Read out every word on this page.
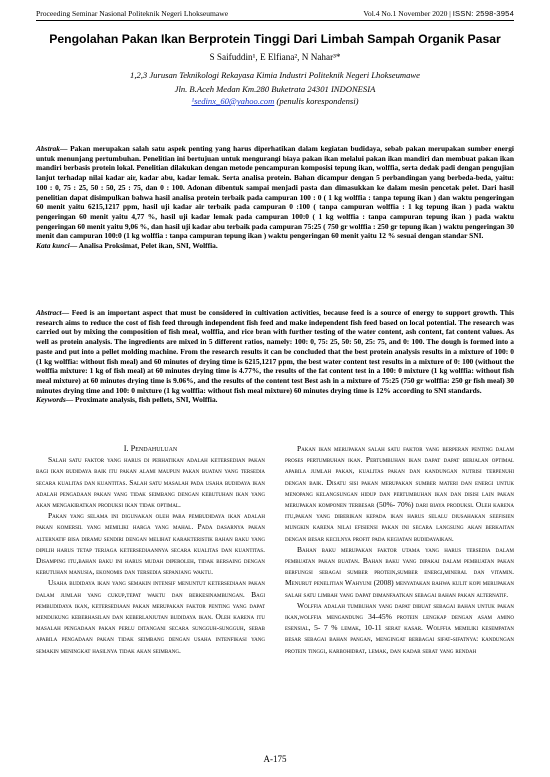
Proceeding Seminar Nasional Politeknik Negeri Lhokseumawe	Vol.4 No.1 November 2020 | ISSN: 2598-3954
Pengolahan Pakan Ikan Berprotein Tinggi Dari Limbah Sampah Organik Pasar
S Saifuddin¹, E Elfiana², N Nahar³*
1,2,3 Jurusan Teknikologi Rekayasa Kimia Industri Politeknik Negeri Lhokseumawe
Jln. B.Aceh Medan Km.280 Buketrata 24301 INDONESIA
¹sedinx_60@yahoo.com (penulis korespondensi)
Abstrak— Pakan merupakan salah satu aspek penting yang harus diperhatikan dalam kegiatan budidaya, sebab pakan merupakan sumber energi untuk menunjang pertumbuhan. Penelitian ini bertujuan untuk mengurangi biaya pakan ikan melalui pakan ikan mandiri dan membuat pakan ikan mandiri berbasis protein lokal. Penelitian dilakukan dengan metode pencampuran komposisi tepung ikan, wolffia, serta dedak padi dengan pengujian lanjut terhadap nilai kadar air, kadar abu, kadar lemak. Serta analisa protein. Bahan dicampur dengan 5 perbandingan yang berbeda-beda, yaitu: 100 : 0, 75 : 25, 50 : 50, 25 : 75, dan 0 : 100. Adonan dibentuk sampai menjadi pasta dan dimasukkan ke dalam mesin pencetak pelet. Dari hasil penelitian dapat disimpulkan bahwa hasil analisa protein terbaik pada campuran 100 : 0 ( 1 kg wolffia : tanpa tepung ikan ) dan waktu pengeringan 60 menit yaitu 6215,1217 ppm, hasil uji kadar air terbaik pada campuran 0 :100 ( tanpa campuran wolffia : 1 kg tepung ikan ) pada waktu pengeringan 60 menit yaitu 4,77 %, hasil uji kadar lemak pada campuran 100:0 ( 1 kg wolffia : tanpa campuran tepung ikan ) pada waktu pengeringan 60 menit yaitu 9,06 %, dan hasil uji kadar abu terbaik pada campuran 75:25 ( 750 gr wolffia : 250 gr tepung ikan ) waktu pengeringan 30 menit dan campuran 100:0 (1 kg wolffia : tanpa campuran tepung ikan ) waktu pengeringan 60 menit yaitu 12 % sesuai dengan standar SNI.
Kata kunci— Analisa Proksimat, Pelet ikan, SNI, Wolffia.
Abstract— Feed is an important aspect that must be considered in cultivation activities, because feed is a source of energy to support growth. This research aims to reduce the cost of fish feed through independent fish feed and make independent fish feed based on local potential. The research was carried out by mixing the composition of fish meal, wolffia, and rice bran with further testing of the water content, ash content, fat content values. As well as protein analysis. The ingredients are mixed in 5 different ratios, namely: 100: 0, 75: 25, 50: 50, 25: 75, and 0: 100. The dough is formed into a paste and put into a pellet molding machine. From the research results it can be concluded that the best protein analysis results in a mixture of 100: 0 (1 kg wolffia: without fish meal) and 60 minutes of drying time is 6215,1217 ppm, the best water content test results in a mixture of 0: 100 (without the wolffia mixture: 1 kg of fish meal) at 60 minutes drying time is 4.77%, the results of the fat content test in a 100: 0 mixture (1 kg wolffia: without fish meal mixture) at 60 minutes drying time is 9.06%, and the results of the content test Best ash in a mixture of 75:25 (750 gr wolffia: 250 gr fish meal) 30 minutes drying time and 100: 0 mixture (1 kg wolffia: without fish meal mixture) 60 minutes drying time is 12% according to SNI standards.
Keywords— Proximate analysis, fish pellets, SNI, Wolffia.

I. Pendahuluan

Salah satu faktor yang harus di perhatikan adalah ketersedian pakan bagi ikan budidaya baik itu pakan alami maupun pakan buatan yang tersedia secara kualitas dan kuantitas. Salah satu masalah pada usaha budidaya ikan adalah pengadaan pakan yang tidak seimbang dengan kebutuhan ikan yang akan mengakibatkan produksi ikan tidak optimal.

Pakan yang selama ini digunakan oleh para pembudidaya ikan adalah pakan komersil yang memiliki harga yang mahal. Pada dasarnya pakan alternatif bisa diramu sendiri dengan melihat karakteristik bahan baku yang dipilih harus tetap terjaga ketersediaannya secara kualitas dan kuantitas. Disamping itu,bahan baku ini harus mudah diperoleh, tidak bersaing dengan kebutuhan manusia, ekonomis dan tersedia sepanjang waktu.

Usaha budidaya ikan yang semakin intensif menuntut ketersediaan pakan dalam jumlah yang cukup,tepat waktu dan berkesinambungan. Bagi pembudidaya ikan, ketersediaan pakan merupakan faktor penting yang dapat mendukung keberhasilan dan keberlanjutan budidaya ikan. Oleh karena itu masalah pengadaan pakan perlu ditangani secara sungguh-sungguh, sebab apabila pengadaan pakan tidak seimbang dengan usaha intenfikasi yang semakin meningkat hasilnya tidak akan seimbang.

Pakan ikan merupakan salah satu faktor yang berperan penting dalam proses pertumbuhan ikan. Pertumbuhan ikan dapat dapat berjalan optimal apabila jumlah pakan, kualitas pakan dan kandungan nutrisi terpenuhi dengan baik. Disatu sisi pakan merupakan sumber materi dan energi untuk menopang kelangsungan hidup dan pertumbuhan ikan dan disisi lain pakan merupakan komponen terbesar (50%- 70%) dari biaya produksi. Oleh karena itu,pakan yang diberikan kepada ikan harus selalu diusahakan seefisien mungkin karena nilai efisiensi pakan ini secara langsung akan berkaitan dengan besar kecilnya profit pada kegiatan budidayaikan.

Bahan baku merupakan faktor utama yang harus tersedia dalam pembuatan pakan buatan. Bahan baku yang dipakai dalam pembuatan pakan berfungsi sebagai sumber protein,sumber energi,mineral dan vitamin. Menurut penelitian Wahyuni (2008) menyatakan bahwa kulit kopi merupakan salah satu limbah yang dapat dimanfaatkan sebagai bahan pakan alternatif.

Wolffia adalah tumbuhan yang dapat dibuat sebagai bahan untuk pakan ikan,wolffia mengandung 34-45% protein lengkap dengan asam amino esensial, 5- 7 % lemak, 10-11 serat kasar. Wolffia memiliki kesempatan besar sebagai bahan pangan, mengingat berbagai sifat-sifatnya: kandungan protein tinggi, karbohidrat, lemak, dan kadar serat yang rendah

A-175
